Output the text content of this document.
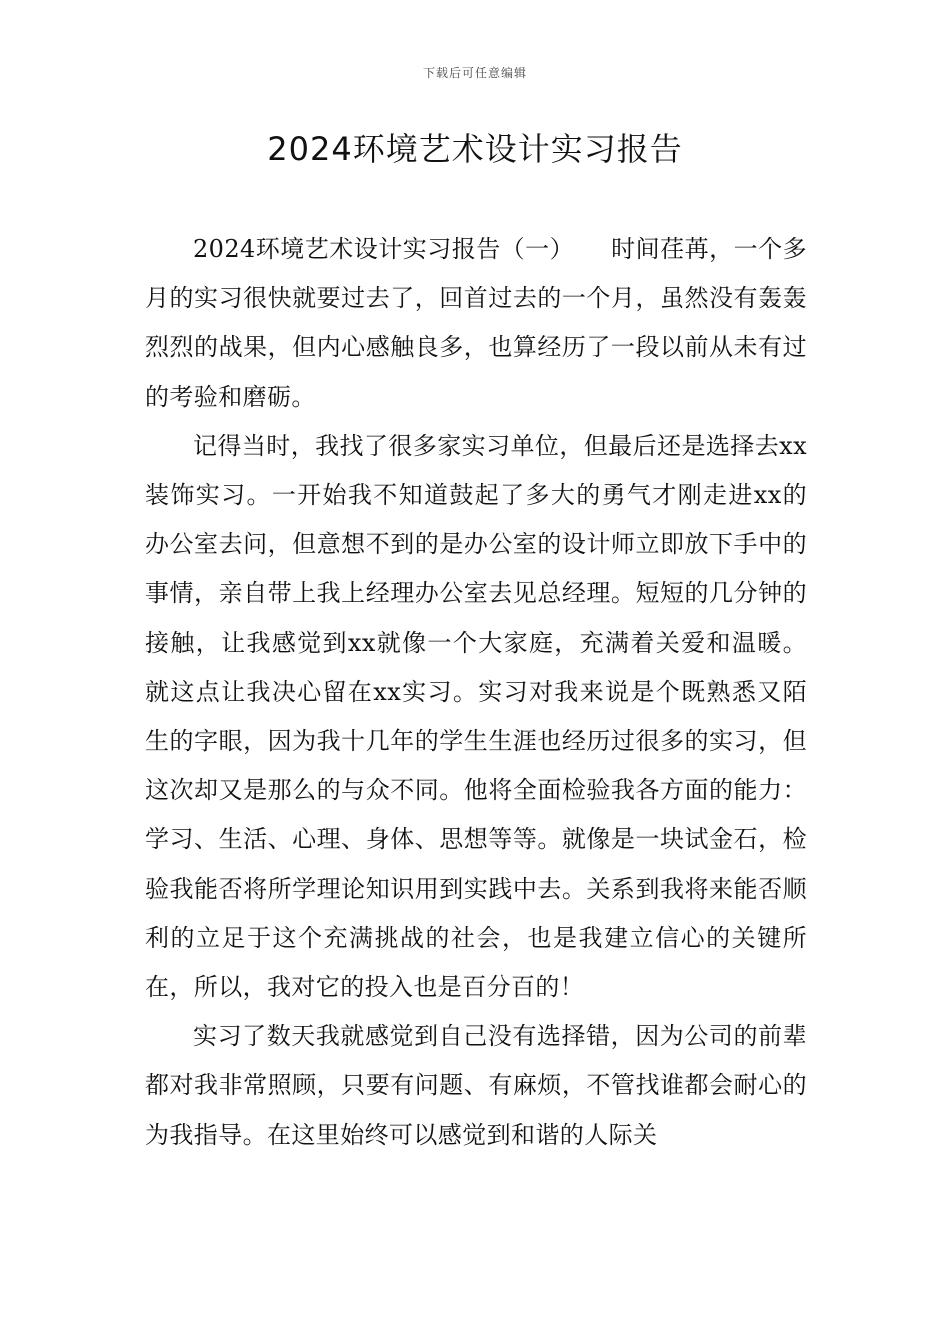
下载后可任意编辑
2024环境艺术设计实习报告

2024环境艺术设计实习报告（一）　　时间荏苒，一个多月的实习很快就要过去了，回首过去的一个月，虽然没有轰轰烈烈的战果，但内心感触良多，也算经历了一段以前从未有过的考验和磨砺。

记得当时，我找了很多家实习单位，但最后还是选择去xx装饰实习。一开始我不知道鼓起了多大的勇气才刚走进xx的办公室去问，但意想不到的是办公室的设计师立即放下手中的事情，亲自带上我上经理办公室去见总经理。短短的几分钟的接触，让我感觉到xx就像一个大家庭，充满着关爱和温暖。就这点让我决心留在xx实习。实习对我来说是个既熟悉又陌生的字眼，因为我十几年的学生生涯也经历过很多的实习，但这次却又是那么的与众不同。他将全面检验我各方面的能力：学习、生活、心理、身体、思想等等。就像是一块试金石，检验我能否将所学理论知识用到实践中去。关系到我将来能否顺利的立足于这个充满挑战的社会，也是我建立信心的关键所在，所以，我对它的投入也是百分百的！

实习了数天我就感觉到自己没有选择错，因为公司的前辈都对我非常照顾，只要有问题、有麻烦，不管找谁都会耐心的为我指导。在这里始终可以感觉到和谐的人际关
